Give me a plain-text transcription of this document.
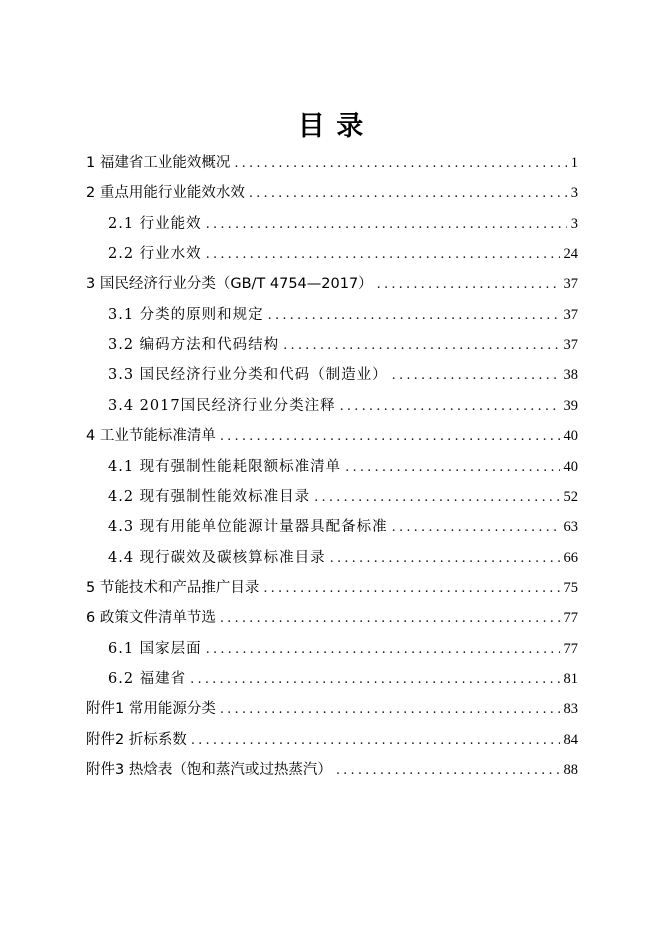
目 录
1 福建省工业能效概况 .....	1
2 重点用能行业能效水效 .....	3
2.1 行业能效 .....	3
2.2 行业水效 .....	24
3 国民经济行业分类（GB/T 4754—2017） .....	37
3.1 分类的原则和规定 .....	37
3.2 编码方法和代码结构 .....	37
3.3 国民经济行业分类和代码（制造业） .....	38
3.4 2017国民经济行业分类注释 .....	39
4 工业节能标准清单 .....	40
4.1 现有强制性能耗限额标准清单 .....	40
4.2 现有强制性能效标准目录 .....	52
4.3 现有用能单位能源计量器具配备标准 .....	63
4.4 现行碳效及碳核算标准目录 .....	66
5 节能技术和产品推广目录 .....	75
6 政策文件清单节选 .....	77
6.1 国家层面 .....	77
6.2 福建省 .....	81
附件1 常用能源分类 .....	83
附件2 折标系数 .....	84
附件3 热焓表（饱和蒸汽或过热蒸汽） .....	88
